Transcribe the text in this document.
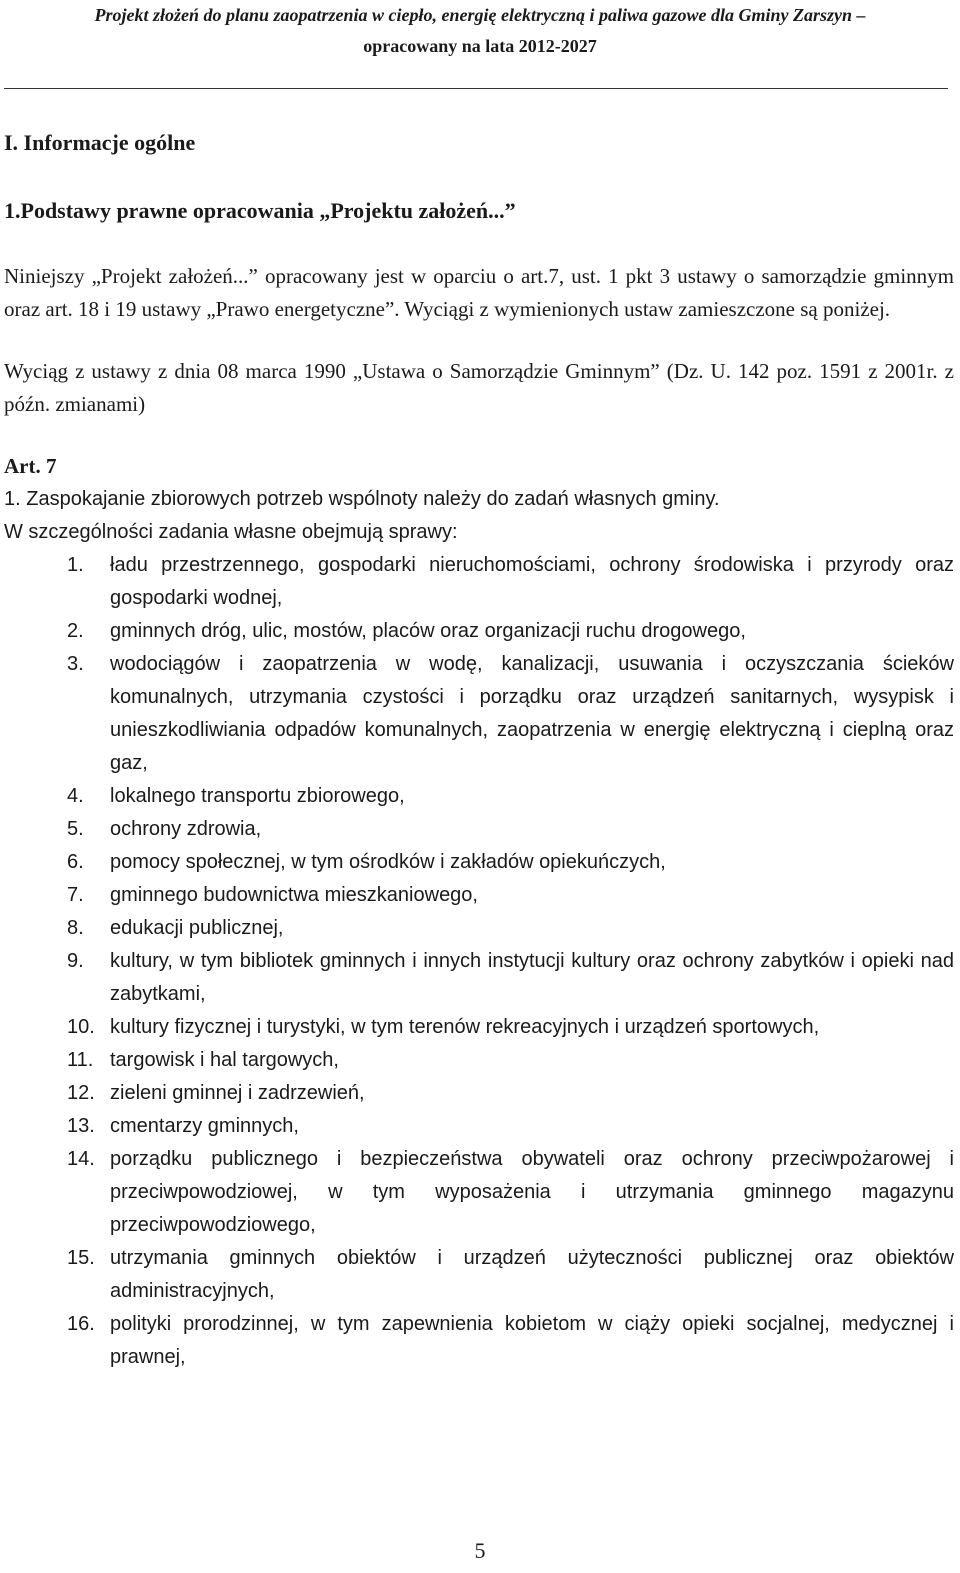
Projekt złożeń do planu zaopatrzenia w ciepło, energię elektryczną i paliwa gazowe dla Gminy Zarszyn –
opracowany na lata 2012-2027

I. Informacje ogólne

1.Podstawy prawne opracowania „Projektu założeń...”

Niniejszy „Projekt założeń...” opracowany jest w oparciu o art.7, ust. 1 pkt 3 ustawy o samorządzie gminnym oraz art. 18 i 19 ustawy „Prawo energetyczne”. Wyciągi z wymienionych ustaw zamieszczone są poniżej.

Wyciąg z ustawy z dnia 08 marca 1990 „Ustawa o Samorządzie Gminnym” (Dz. U. 142 poz. 1591 z 2001r. z późn. zmianami)

Art. 7

1. Zaspokajanie zbiorowych potrzeb wspólnoty należy do zadań własnych gminy.

W szczególności zadania własne obejmują sprawy:

1.	ładu przestrzennego, gospodarki nieruchomościami, ochrony środowiska i przyrody oraz gospodarki wodnej,
2.	gminnych dróg, ulic, mostów, placów oraz organizacji ruchu drogowego,
3.	wodociągów i zaopatrzenia w wodę, kanalizacji, usuwania i oczyszczania ścieków komunalnych, utrzymania czystości i porządku oraz urządzeń sanitarnych, wysypisk i unieszkodliwiania odpadów komunalnych, zaopatrzenia w energię elektryczną i cieplną oraz gaz,
4.	lokalnego transportu zbiorowego,
5.	ochrony zdrowia,
6.	pomocy społecznej, w tym ośrodków i zakładów opiekuńczych,
7.	gminnego budownictwa mieszkaniowego,
8.	edukacji publicznej,
9.	kultury, w tym bibliotek gminnych i innych instytucji kultury oraz ochrony zabytków i opieki nad zabytkami,
10. kultury fizycznej i turystyki, w tym terenów rekreacyjnych i urządzeń sportowych,
11. targowisk i hal targowych,
12. zieleni gminnej i zadrzewień,
13. cmentarzy gminnych,
14. porządku publicznego i bezpieczeństwa obywateli oraz ochrony przeciwpożarowej i przeciwpowodziowej, w tym wyposażenia i utrzymania gminnego magazynu przeciwpowodziowego,
15. utrzymania gminnych obiektów i urządzeń użyteczności publicznej oraz obiektów administracyjnych,
16. polityki prorodzinnej, w tym zapewnienia kobietom w ciąży opieki socjalnej, medycznej i prawnej,
5
